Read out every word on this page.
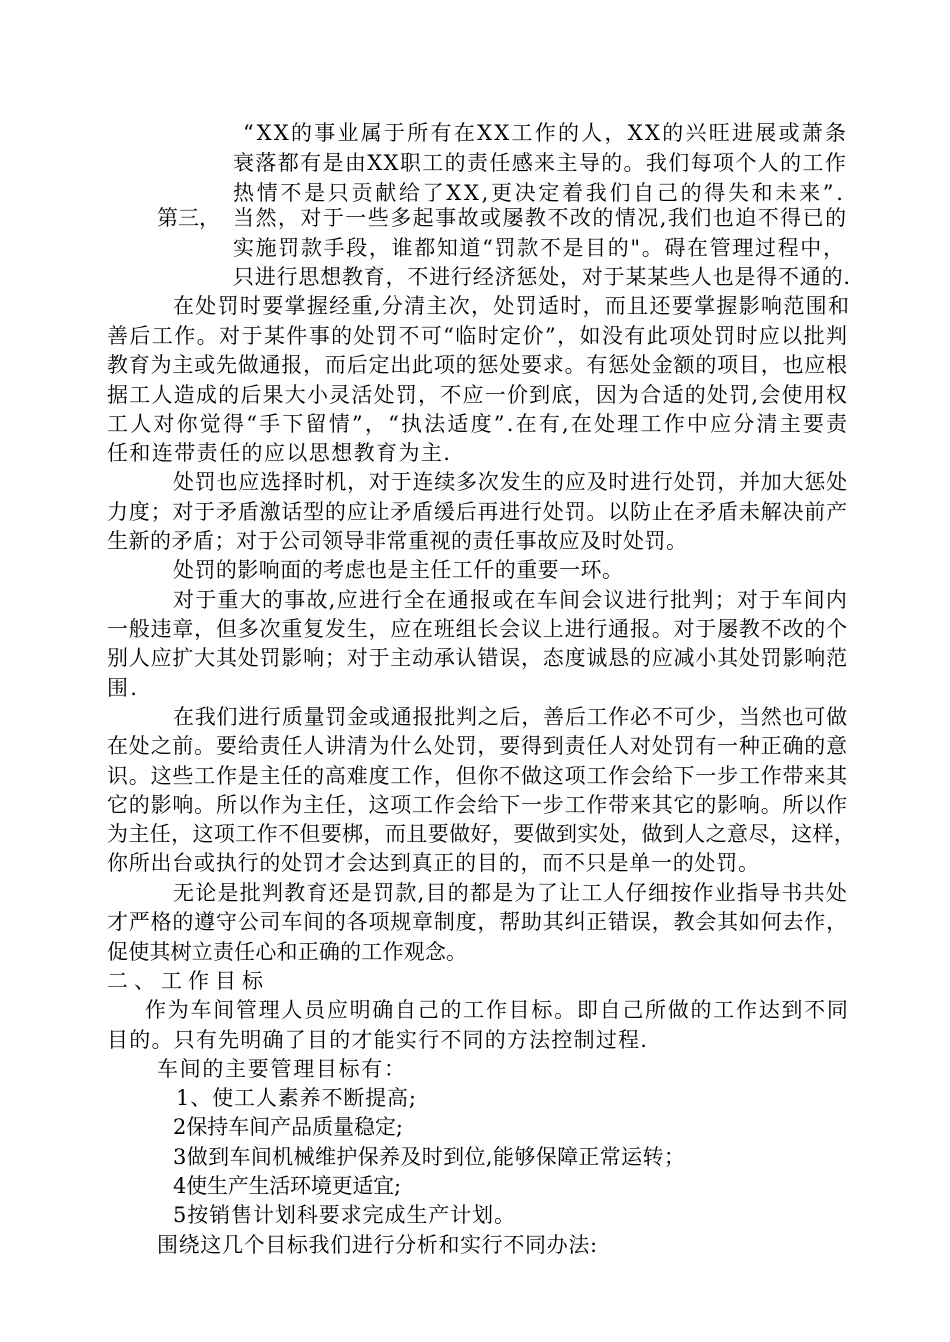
第三，
“XX的事业属于所有在XX工作的人，XX的兴旺进展或萧条
衰落都有是由XX职工的责任感来主导的。我们每项个人的工作
热情不是只贡献给了XX,更决定着我们自己的得失和未来”.
当然，对于一些多起事故或屡教不改的情况,我们也迫不得已的
实施罚款手段，谁都知道“罚款不是目的"。碍在管理过程中，
只进行思想教育，不进行经济惩处，对于某某些人也是得不通的.
在处罚时要掌握经重,分清主次，处罚适时，而且还要掌握影响范围和
善后工作。对于某件事的处罚不可“临时定价”，如没有此项处罚时应以批判
教育为主或先做通报，而后定出此项的惩处要求。有惩处金额的项目，也应根
据工人造成的后果大小灵活处罚，不应一价到底，因为合适的处罚,会使用权
工人对你觉得“手下留情”，“执法适度”.在有,在处理工作中应分清主要责
任和连带责任的应以思想教育为主.
处罚也应选择时机，对于连续多次发生的应及时进行处罚，并加大惩处
力度；对于矛盾激话型的应让矛盾缓后再进行处罚。以防止在矛盾未解决前产
生新的矛盾；对于公司领导非常重视的责任事故应及时处罚。
处罚的影响面的考虑也是主任工仟的重要一环。
对于重大的事故,应进行全在通报或在车间会议进行批判；对于车间内
一般违章，但多次重复发生，应在班组长会议上进行通报。对于屡教不改的个
别人应扩大其处罚影响；对于主动承认错误，态度诚恳的应减小其处罚影响范
围.
在我们进行质量罚金或通报批判之后，善后工作必不可少，当然也可做
在处之前。要给责任人讲清为什么处罚，要得到责任人对处罚有一种正确的意
识。这些工作是主任的高难度工作，但你不做这项工作会给下一步工作带来其
它的影响。所以作为主任，这项工作会给下一步工作带来其它的影响。所以作
为主任，这项工作不但要梆，而且要做好，要做到实处，做到人之意尽，这样，
你所出台或执行的处罚才会达到真正的目的，而不只是单一的处罚。
无论是批判教育还是罚款,目的都是为了让工人仔细按作业指导书共处
才严格的遵守公司车间的各项规章制度，帮助其纠正错误，教会其如何去作，
促使其树立责任心和正确的工作观念。
二、工作目标
作为车间管理人员应明确自己的工作目标。即自己所做的工作达到不同
目的。只有先明确了目的才能实行不同的方法控制过程.
车间的主要管理目标有：
1、使工人素养不断提高;
2保持车间产品质量稳定;
3做到车间机械维护保养及时到位,能够保障正常运转；
4使生产生活环境更适宜;
5按销售计划科要求完成生产计划。
围绕这几个目标我们进行分析和实行不同办法:
